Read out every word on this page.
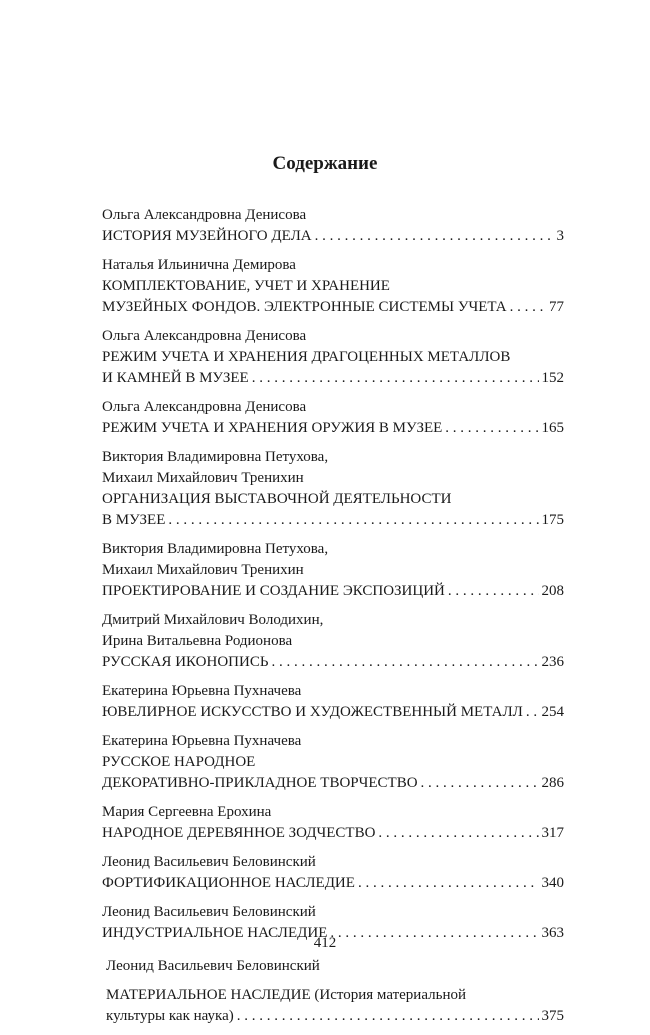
Содержание
Ольга Александровна Денисова
ИСТОРИЯ МУЗЕЙНОГО ДЕЛА . . .	3
Наталья Ильинична Демирова
КОМПЛЕКТОВАНИЕ, УЧЕТ И ХРАНЕНИЕ
МУЗЕЙНЫХ ФОНДОВ. ЭЛЕКТРОННЫЕ СИСТЕМЫ УЧЕТА . . .	77
Ольга Александровна Денисова
РЕЖИМ УЧЕТА И ХРАНЕНИЯ ДРАГОЦЕННЫХ МЕТАЛЛОВ
И КАМНЕЙ В МУЗЕЕ . . .	152
Ольга Александровна Денисова
РЕЖИМ УЧЕТА И ХРАНЕНИЯ ОРУЖИЯ В МУЗЕЕ . . .	165
Виктория Владимировна Петухова,
Михаил Михайлович Тренихин
ОРГАНИЗАЦИЯ ВЫСТАВОЧНОЙ ДЕЯТЕЛЬНОСТИ
В МУЗЕЕ . . .	175
Виктория Владимировна Петухова,
Михаил Михайлович Тренихин
ПРОЕКТИРОВАНИЕ И СОЗДАНИЕ ЭКСПОЗИЦИЙ . . .	208
Дмитрий Михайлович Володихин,
Ирина Витальевна Родионова
РУССКАЯ ИКОНОПИСЬ . . .	236
Екатерина Юрьевна Пухначева
ЮВЕЛИРНОЕ ИСКУССТВО И ХУДОЖЕСТВЕННЫЙ МЕТАЛЛ . . . 254
Екатерина Юрьевна Пухначева
РУССКОЕ НАРОДНОЕ
ДЕКОРАТИВНО-ПРИКЛАДНОЕ ТВОРЧЕСТВО . . .	286
Мария Сергеевна Ерохина
НАРОДНОЕ ДЕРЕВЯННОЕ ЗОДЧЕСТВО . . .	317
Леонид Васильевич Беловинский
ФОРТИФИКАЦИОННОЕ НАСЛЕДИЕ . . .	340
Леонид Васильевич Беловинский
ИНДУСТРИАЛЬНОЕ НАСЛЕДИЕ . . .	363
Леонид Васильевич Беловинский
МАТЕРИАЛЬНОЕ НАСЛЕДИЕ (История материальной
культуры как наука) . . .	375
412
